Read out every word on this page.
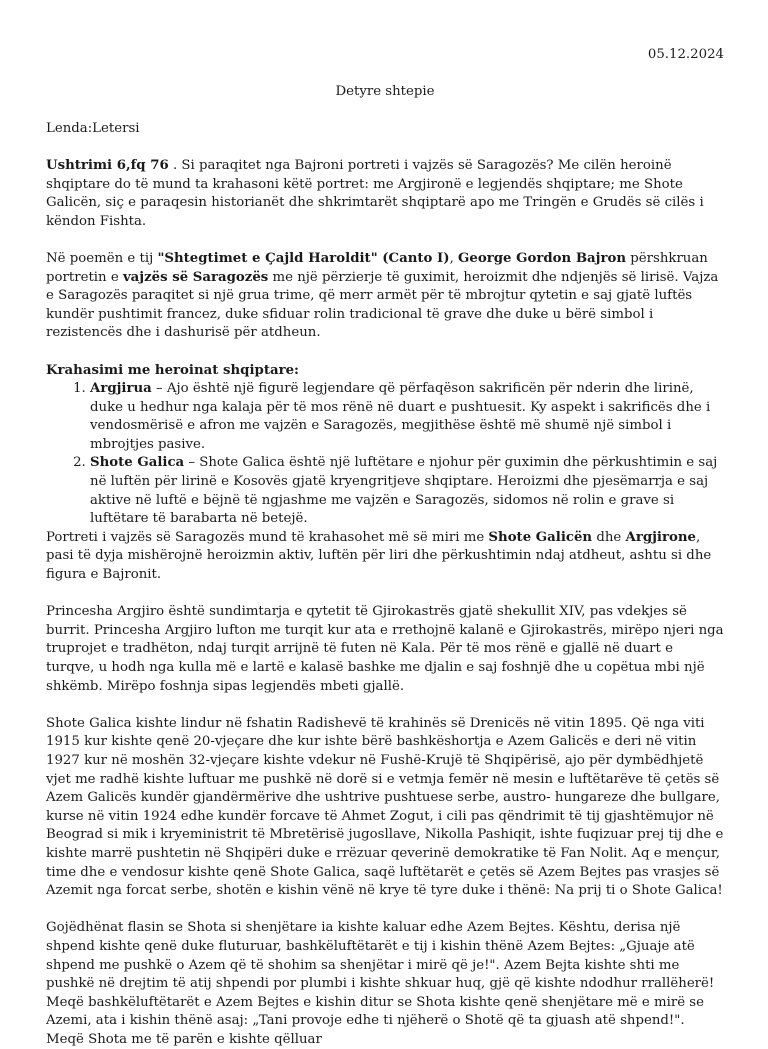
05.12.2024

Detyre shtepie

Lenda:Letersi

Ushtrimi 6,fq 76 . Si paraqitet nga Bajroni portreti i vajzës së Saragozës? Me cilën heroinë shqiptare do të mund ta krahasoni këtë portret: me Argjironë e legjendës shqiptare; me Shote Galicën, siç e paraqesin historianët dhe shkrimtarët shqiptarë apo me Tringën e Grudës së cilës i këndon Fishta.

Në poemën e tij "Shtegtimet e Çajld Haroldit" (Canto I), George Gordon Bajron përshkruan portretin e vajzës së Saragozës me një përzierje të guximit, heroizmit dhe ndjenjës së lirisë. Vajza e Saragozës paraqitet si një grua trime, që merr armët për të mbrojtur qytetin e saj gjatë luftës kundër pushtimit francez, duke sfiduar rolin tradicional të grave dhe duke u bërë simbol i rezistencës dhe i dashurisë për atdheun.

Krahasimi me heroinat shqiptare:

1. Argjirua – Ajo është një figurë legjendare që përfaqëson sakrificën për nderin dhe lirinë, duke u hedhur nga kalaja për të mos rënë në duart e pushtuesit. Ky aspekt i sakrificës dhe i vendosmërisë e afron me vajzën e Saragozës, megjithëse është më shumë një simbol i mbrojtjes pasive.
2. Shote Galica – Shote Galica është një luftëtare e njohur për guximin dhe përkushtimin e saj në luftën për lirinë e Kosovës gjatë kryengritjeve shqiptare. Heroizmi dhe pjesëmarrja e saj aktive në luftë e bëjnë të ngjashme me vajzën e Saragozës, sidomos në rolin e grave si luftëtare të barabarta në betejë.

Portreti i vajzës së Saragozës mund të krahasohet më së miri me Shote Galicën dhe Argjirone, pasi të dyja mishërojnë heroizmin aktiv, luftën për liri dhe përkushtimin ndaj atdheut, ashtu si dhe figura e Bajronit.

Princesha Argjiro është sundimtarja e qytetit të Gjirokastrës gjatë shekullit XIV, pas vdekjes së burrit. Princesha Argjiro lufton me turqit kur ata e rrethojnë kalanë e Gjirokastrës, mirëpo njeri nga truprojet e tradhëton, ndaj turqit arrijnë të futen në Kala. Për të mos rënë e gjallë në duart e turqve, u hodh nga kulla më e lartë e kalasë bashke me djalin e saj foshnjë dhe u copëtua mbi një shkëmb. Mirëpo foshnja sipas legjendës mbeti gjallë.

Shote Galica kishte lindur në fshatin Radishevë të krahinës së Drenicës në vitin 1895. Që nga viti 1915 kur kishte qenë 20-vjeçare dhe kur ishte bërë bashkëshortja e Azem Galicës e deri në vitin 1927 kur në moshën 32-vjeçare kishte vdekur në Fushë-Krujë të Shqipërisë, ajo për dymbëdhjetë vjet me radhë kishte luftuar me pushkë në dorë si e vetmja femër në mesin e luftëtarëve të çetës së Azem Galicës kundër gjandërmërive dhe ushtrive pushtuese serbe, austro- hungareze dhe bullgare, kurse në vitin 1924 edhe kundër forcave të Ahmet Zogut, i cili pas qëndrimit të tij gjashtëmujor në Beograd si mik i kryeministrit të Mbretërisë jugosllave, Nikolla Pashiqit, ishte fuqizuar prej tij dhe e kishte marrë pushtetin në Shqipëri duke e rrëzuar qeverinë demokratike të Fan Nolit. Aq e mençur, time dhe e vendosur kishte qenë Shote Galica, saqë luftëtarët e çetës së Azem Bejtes pas vrasjes së Azemit nga forcat serbe, shotën e kishin vënë në krye të tyre duke i thënë: Na prij ti o Shote Galica!

Gojëdhënat flasin se Shota si shenjëtare ia kishte kaluar edhe Azem Bejtes. Kështu, derisa një shpend kishte qenë duke fluturuar, bashkëluftëtarët e tij i kishin thënë Azem Bejtes: „Gjuaje atë shpend me pushkë o Azem që të shohim sa shenjëtar i mirë që je!". Azem Bejta kishte shti me pushkë në drejtim të atij shpendi por plumbi i kishte shkuar huq, gjë që kishte ndodhur rrallëherë! Meqë bashkëluftëtarët e Azem Bejtes e kishin ditur se Shota kishte qenë shenjëtare më e mirë se Azemi, ata i kishin thënë asaj: „Tani provoje edhe ti njëherë o Shotë që ta gjuash atë shpend!". Meqë Shota me të parën e kishte qëlluar
